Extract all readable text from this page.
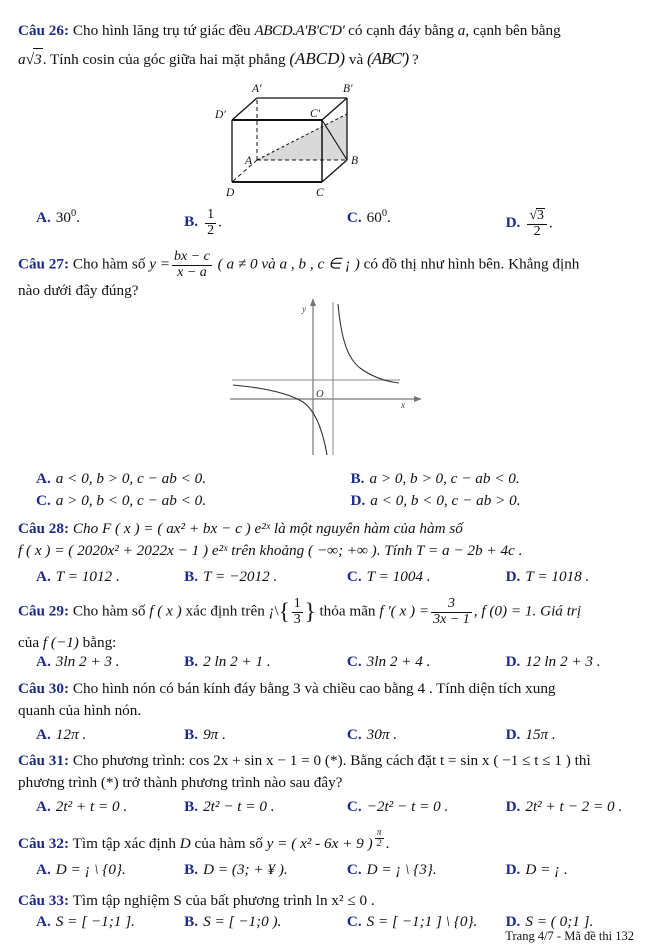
Câu 26: Cho hình lăng trụ tứ giác đều ABCD.A′B′C′D′ có cạnh đáy bằng a, cạnh bên bằng
a√3. Tính cosin của góc giữa hai mặt phẳng (ABCD) và (ABC′) ?
A′	B′
D′	C′
A	B
D	C
A. $30^0$.	B. $\frac{1}{2}$ .	C. $60^0$.	D. $\frac{√3}{2}$ .
Câu 27: Cho hàm số $y = \frac{bx - c}{x - a}$ ( a ≠ 0 và a , b , c ∈ ¡ ) có đồ thị như hình bên. Khẳng định
nào dưới đây đúng?
y
x
O
A. a < 0, b > 0, c − ab < 0.	B. a > 0, b > 0, c − ab < 0.
C. a > 0, b < 0, c − ab < 0.	D. a < 0, b < 0, c − ab > 0.
Câu 28: Cho F ( x ) = ( ax² + bx − c ) e²ˣ là một nguyên hàm của hàm số
f ( x ) = ( 2020x² + 2022x − 1 ) e²ˣ trên khoảng ( −∞; +∞ ). Tính T = a − 2b + 4c .
A. T = 1012 .	B. T = −2012 .	C. T = 1004 .	D. T = 1018 .
Câu 29: Cho hàm số f ( x ) xác định trên ¡\{ $\frac{1}{3}$ } thỏa mãn f ′( x ) = $\frac{3}{3x - 1}$ , f (0) = 1. Giá trị
của f (−1) bằng:
A. 3ln 2 + 3 .	B. 2 ln 2 + 1 .	C. 3ln 2 + 4 .	D. 12 ln 2 + 3 .
Câu 30: Cho hình nón có bán kính đáy bằng 3 và chiều cao bằng 4 . Tính diện tích xung
quanh của hình nón.
A. 12π .	B. 9π .	C. 30π .	D. 15π .
Câu 31: Cho phương trình: cos 2x + sin x − 1 = 0 (*). Bằng cách đặt t = sin x ( −1 ≤ t ≤ 1 ) thì
phương trình (*) trở thành phương trình nào sau đây?
A. 2t² + t = 0 .	B. 2t² − t = 0 .	C. −2t² − t = 0 .	D. 2t² + t − 2 = 0 .
Câu 32: Tìm tập xác định D của hàm số y = ( x² - 6x + 9 ) $^{\frac{\pi}{2}}$ .
A. D = ¡ \ {0}.	B. D = (3; + ¥ ).	C. D = ¡ \ {3}.	D. D = ¡ .
Câu 33: Tìm tập nghiệm S của bất phương trình ln x² ≤ 0 .
A. S = [ −1;1 ].	B. S = [ −1;0 ).	C. S = [ −1;1 ] \ {0}. D. S = ( 0;1 ].
Trang 4/7 - Mã đề thi 132
